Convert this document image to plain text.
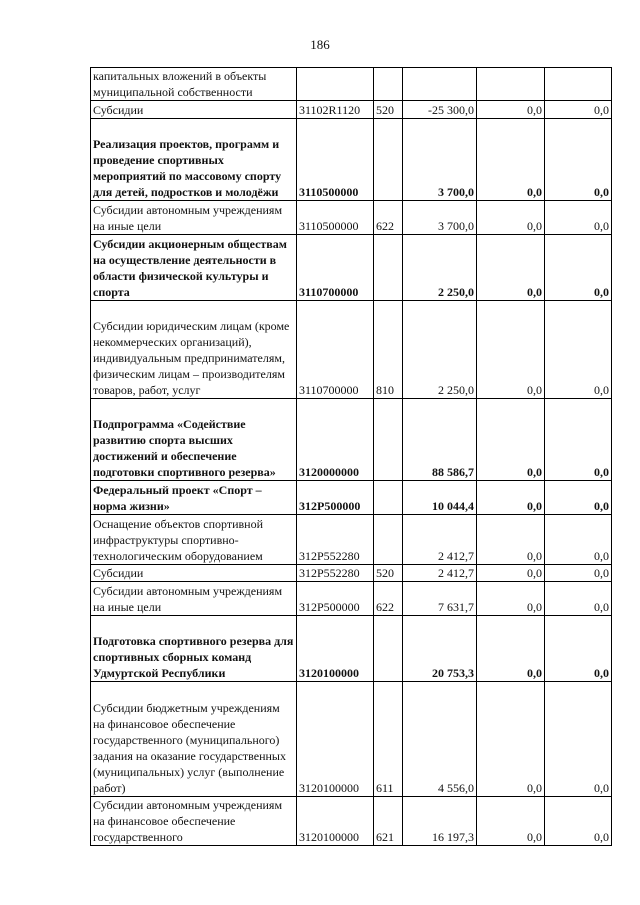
186
капитальных вложений в объекты муниципальной собственности					
Субсидии	31102R1120	520	-25 300,0	0,0	0,0
Реализация проектов, программ и проведение спортивных мероприятий по массовому спорту для детей, подростков и молодёжи	3110500000		3 700,0	0,0	0,0
Субсидии автономным учреждениям на иные цели	3110500000	622	3 700,0	0,0	0,0
Субсидии акционерным обществам на осуществление деятельности в области физической культуры и спорта	3110700000		2 250,0	0,0	0,0
Субсидии юридическим лицам (кроме некоммерческих организаций), индивидуальным предпринимателям, физическим лицам – производителям товаров, работ, услуг	3110700000	810	2 250,0	0,0	0,0
Подпрограмма «Содействие развитию спорта высших достижений и обеспечение подготовки спортивного резерва»	3120000000		88 586,7	0,0	0,0
Федеральный проект «Спорт – норма жизни»	312P500000		10 044,4	0,0	0,0
Оснащение объектов спортивной инфраструктуры спортивно-технологическим оборудованием	312P552280		2 412,7	0,0	0,0
Субсидии	312P552280	520	2 412,7	0,0	0,0
Субсидии автономным учреждениям на иные цели	312P500000	622	7 631,7	0,0	0,0
Подготовка спортивного резерва для спортивных сборных команд Удмуртской Республики	3120100000		20 753,3	0,0	0,0
Субсидии бюджетным учреждениям на финансовое обеспечение государственного (муниципального) задания на оказание государственных (муниципальных) услуг (выполнение работ)	3120100000	611	4 556,0	0,0	0,0
Субсидии автономным учреждениям на финансовое обеспечение государственного	3120100000	621	16 197,3	0,0	0,0
